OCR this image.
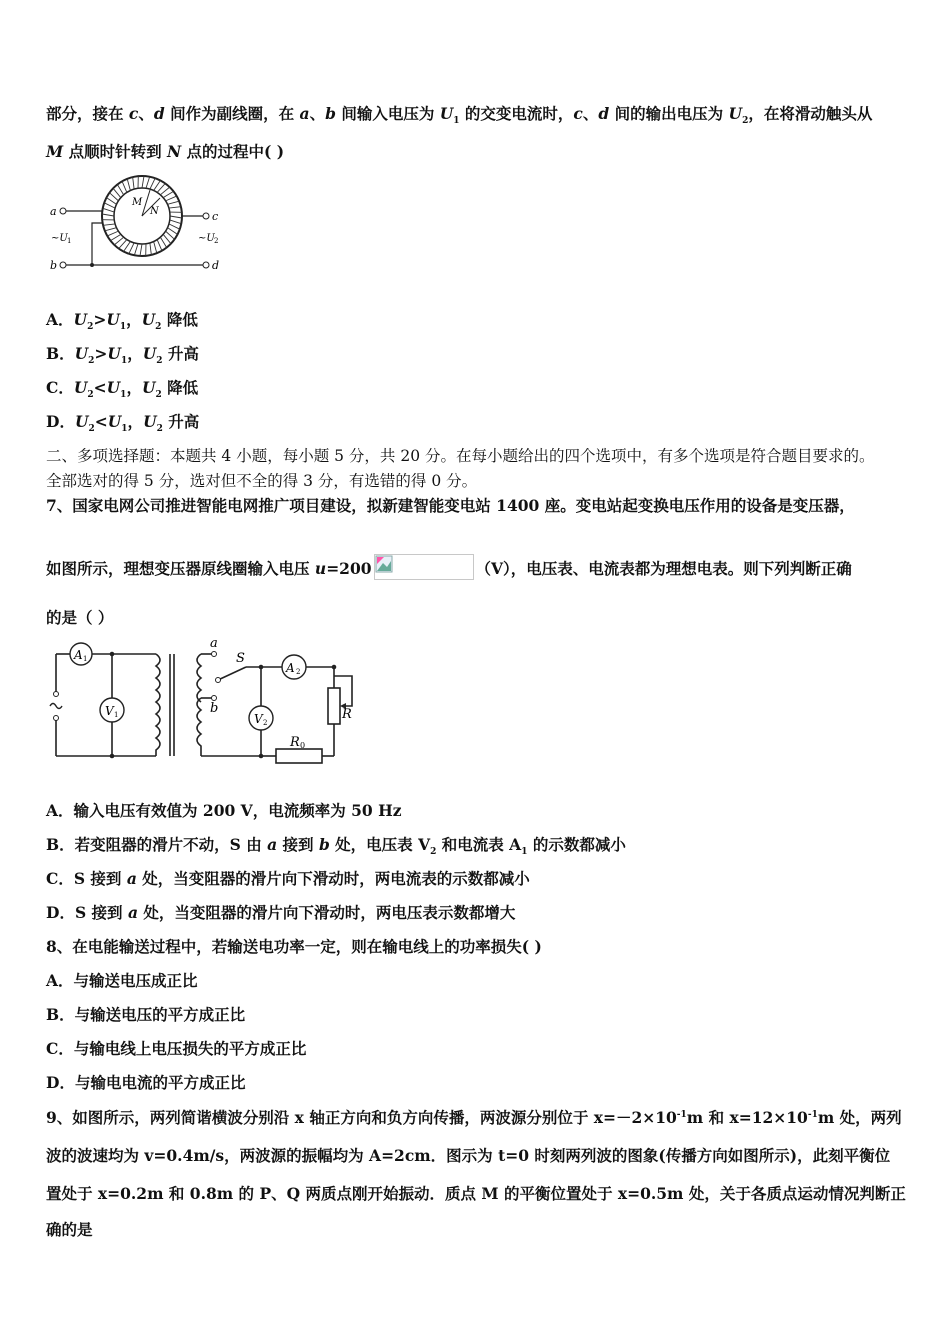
部分，接在 c、d 间作为副线圈，在 a、b 间输入电压为 $U_1$ 的交变电流时，c、d 间的输出电压为 $U_2$，在将滑动触头从
M 点顺时针转到 N 点的过程中( )
a
b
c
d
~U 1	~U 2
M
N
A．$U_2>U_1$，$U_2$ 降低
B．$U_2>U_1$，$U_2$ 升高
C．$U_2<U_1$，$U_2$ 降低
D．$U_2<U_1$，$U_2$ 升高
二、多项选择题：本题共 4 小题，每小题 5 分，共 20 分。在每小题给出的四个选项中，有多个选项是符合题目要求的。
全部选对的得 5 分，选对但不全的得 3 分，有选错的得 0 分。
7、国家电网公司推进智能电网推广项目建设，拟新建智能变电站 1400 座。变电站起变换电压作用的设备是变压器，
如图所示，理想变压器原线圈输入电压 u=200	（V），电压表、电流表都为理想电表。则下列判断正确
的是（ ）
A 1
V 1
A 2
V 2
a
b
S
R
R 0
A．输入电压有效值为 200 V，电流频率为 50 Hz
B．若变阻器的滑片不动，S 由 a 接到 b 处，电压表 $V_2$ 和电流表 $A_1$ 的示数都减小
C．S 接到 a 处，当变阻器的滑片向下滑动时，两电流表的示数都减小
D．S 接到 a 处，当变阻器的滑片向下滑动时，两电压表示数都增大
8、在电能输送过程中，若输送电功率一定，则在输电线上的功率损失( )
A．与输送电压成正比
B．与输送电压的平方成正比
C．与输电线上电压损失的平方成正比
D．与输电电流的平方成正比
9、如图所示，两列简谐横波分别沿 x 轴正方向和负方向传播，两波源分别位于 $x=-2\times 10^{-1}m$ 和 $x=12\times 10^{-1}m$ 处，两列
波的波速均为 v=0.4m/s，两波源的振幅均为 A=2cm．图示为 t=0 时刻两列波的图象(传播方向如图所示)，此刻平衡位
置处于 x=0.2m 和 0.8m 的 P、Q 两质点刚开始振动．质点 M 的平衡位置处于 x=0.5m 处，关于各质点运动情况判断正
确的是
